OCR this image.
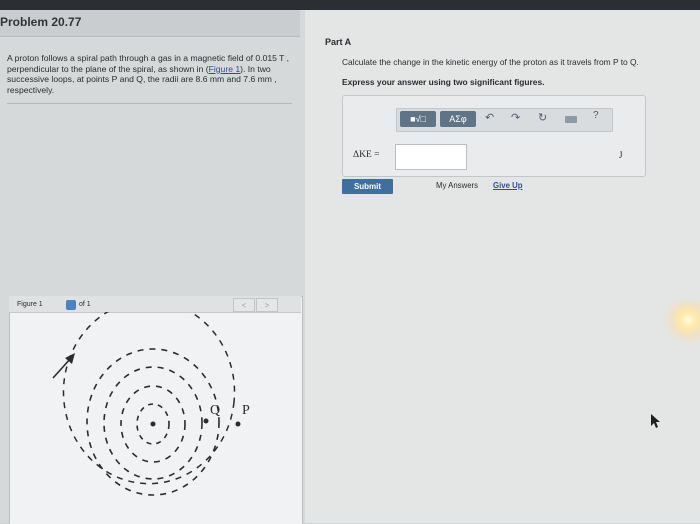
Problem 20.77
A proton follows a spiral path through a gas in a magnetic field of 0.015 T , perpendicular to the plane of the spiral, as shown in (Figure 1). In two successive loops, at points P and Q, the radii are 8.6 mm and 7.6 mm , respectively.
Part A
Calculate the change in the kinetic energy of the proton as it travels from P to Q.
Express your answer using two significant figures.
■√□	ΑΣφ	↶ ↷ ↻	?
ΔKE =	J
Submit	My Answers Give Up
Figure 1	of 1	<	>
Q P
